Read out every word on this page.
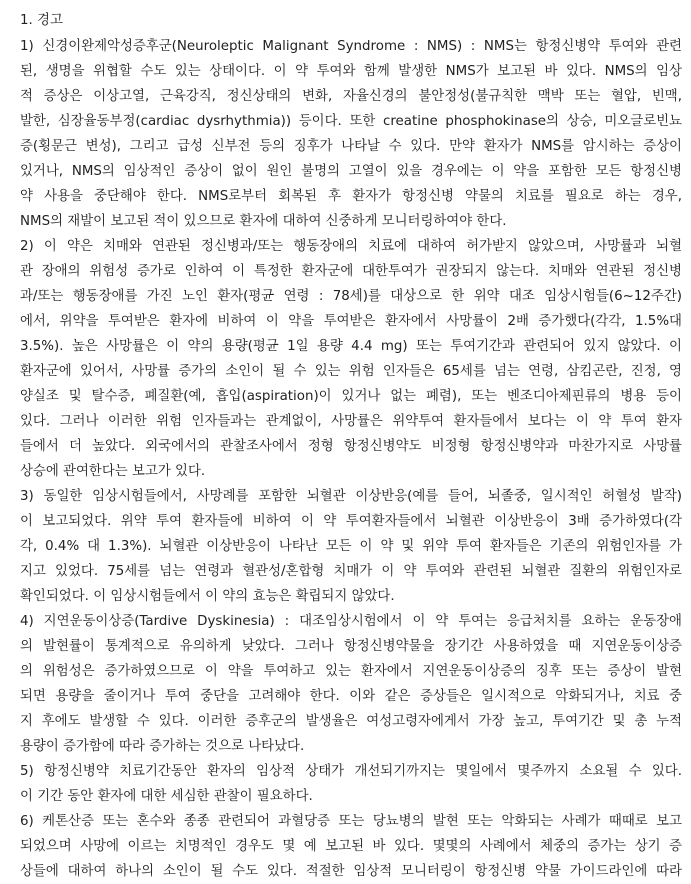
1. 경고
1) 신경이완제악성증후군(Neuroleptic Malignant Syndrome : NMS) : NMS는 항정신병약 투여와 관련
된, 생명을 위협할 수도 있는 상태이다. 이 약 투여와 함께 발생한 NMS가 보고된 바 있다. NMS의 임상
적 증상은 이상고열, 근육강직, 정신상태의 변화, 자율신경의 불안정성(불규칙한 맥박 또는 혈압, 빈맥,
발한, 심장율동부정(cardiac dysrhythmia)) 등이다. 또한 creatine phosphokinase의 상승, 미오글로빈뇨
증(횡문근 변성), 그리고 급성 신부전 등의 징후가 나타날 수 있다. 만약 환자가 NMS를 암시하는 증상이
있거나, NMS의 임상적인 증상이 없이 원인 불명의 고열이 있을 경우에는 이 약을 포함한 모든 항정신병
약 사용을 중단해야 한다. NMS로부터 회복된 후 환자가 항정신병 약물의 치료를 필요로 하는 경우,
NMS의 재발이 보고된 적이 있으므로 환자에 대하여 신중하게 모니터링하여야 한다.
2) 이 약은 치매와 연관된 정신병과/또는 행동장애의 치료에 대하여 허가받지 않았으며, 사망률과 뇌혈
관 장애의 위험성 증가로 인하여 이 특정한 환자군에 대한투여가 권장되지 않는다. 치매와 연관된 정신병
과/또는 행동장애를 가진 노인 환자(평균 연령 : 78세)를 대상으로 한 위약 대조 임상시험들(6~12주간)
에서, 위약을 투여받은 환자에 비하여 이 약을 투여받은 환자에서 사망률이 2배 증가했다(각각, 1.5%대
3.5%). 높은 사망률은 이 약의 용량(평균 1일 용량 4.4 mg) 또는 투여기간과 관련되어 있지 않았다. 이
환자군에 있어서, 사망률 증가의 소인이 될 수 있는 위험 인자들은 65세를 넘는 연령, 삼킴곤란, 진정, 영
양실조 및 탈수증, 폐질환(예, 흡입(aspiration)이 있거나 없는 폐렴), 또는 벤조디아제핀류의 병용 등이
있다. 그러나 이러한 위험 인자들과는 관계없이, 사망률은 위약투여 환자들에서 보다는 이 약 투여 환자
들에서 더 높았다. 외국에서의 관찰조사에서 정형 항정신병약도 비정형 항정신병약과 마찬가지로 사망률
상승에 관여한다는 보고가 있다.
3) 동일한 임상시험들에서, 사망례를 포함한 뇌혈관 이상반응(예를 들어, 뇌졸중, 일시적인 허혈성 발작)
이 보고되었다. 위약 투여 환자들에 비하여 이 약 투여환자들에서 뇌혈관 이상반응이 3배 증가하였다(각
각, 0.4% 대 1.3%). 뇌혈관 이상반응이 나타난 모든 이 약 및 위약 투여 환자들은 기존의 위험인자를 가
지고 있었다. 75세를 넘는 연령과 혈관성/혼합형 치매가 이 약 투여와 관련된 뇌혈관 질환의 위험인자로
확인되었다. 이 임상시험들에서 이 약의 효능은 확립되지 않았다.
4) 지연운동이상증(Tardive Dyskinesia) : 대조임상시험에서 이 약 투여는 응급처치를 요하는 운동장애
의 발현률이 통계적으로 유의하게 낮았다. 그러나 항정신병약물을 장기간 사용하였을 때 지연운동이상증
의 위험성은 증가하였으므로 이 약을 투여하고 있는 환자에서 지연운동이상증의 징후 또는 증상이 발현
되면 용량을 줄이거나 투여 중단을 고려해야 한다. 이와 같은 증상들은 일시적으로 악화되거나, 치료 중
지 후에도 발생할 수 있다. 이러한 증후군의 발생율은 여성고령자에게서 가장 높고, 투여기간 및 총 누적
용량이 증가함에 따라 증가하는 것으로 나타났다.
5) 항정신병약 치료기간동안 환자의 임상적 상태가 개선되기까지는 몇일에서 몇주까지 소요될 수 있다.
이 기간 동안 환자에 대한 세심한 관찰이 필요하다.
6) 케톤산증 또는 혼수와 종종 관련되어 과혈당증 또는 당뇨병의 발현 또는 악화되는 사례가 때때로 보고
되었으며 사망에 이르는 치명적인 경우도 몇 예 보고된 바 있다. 몇몇의 사례에서 체중의 증가는 상기 증
상들에 대하여 하나의 소인이 될 수도 있다. 적절한 임상적 모니터링이 항정신병 약물 가이드라인에 따라
